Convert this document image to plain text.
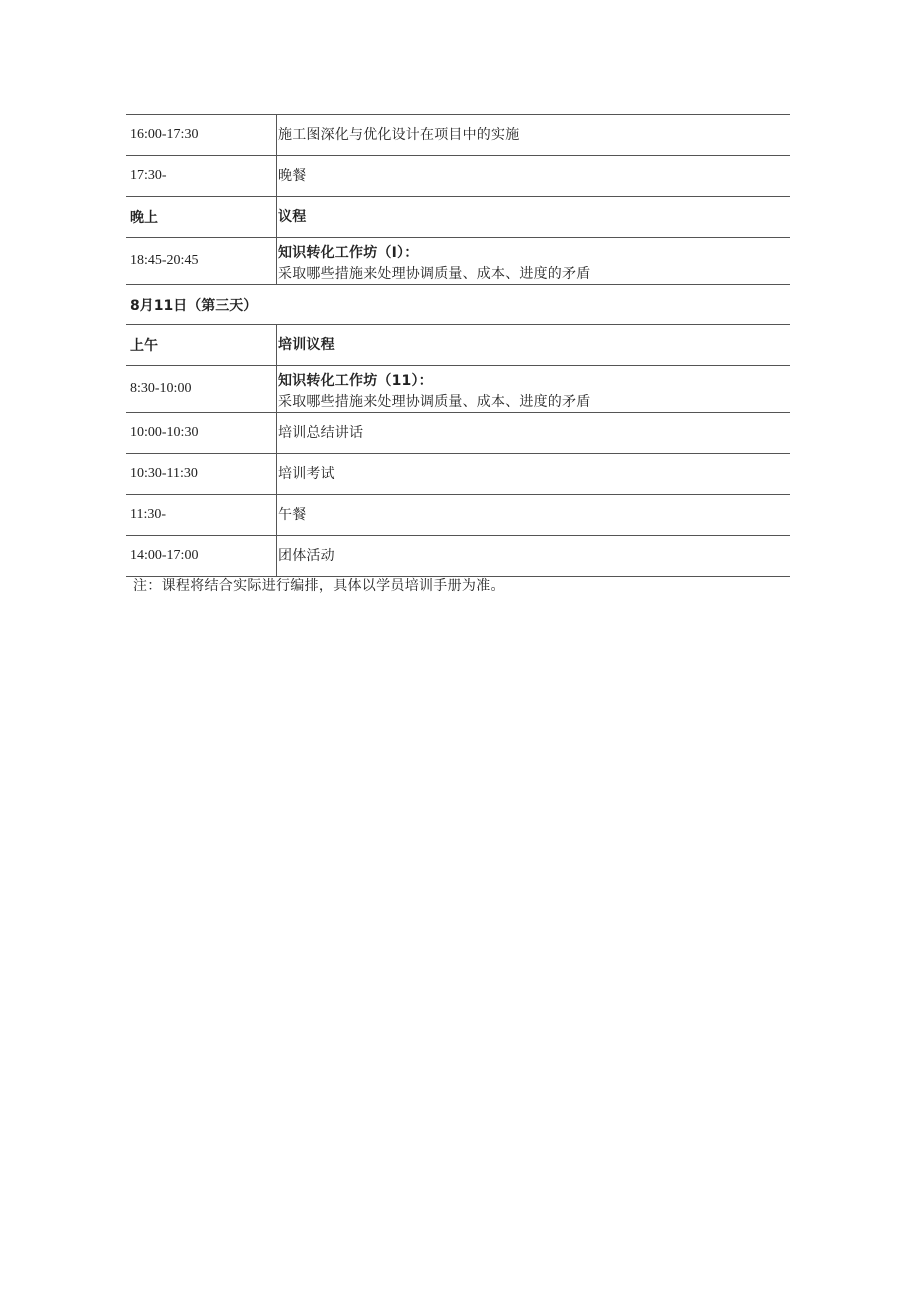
16:00-17:30	施工图深化与优化设计在项目中的实施
17:30-	晚餐
晚上	议程
18:45-20:45	知识转化工作坊（I）：
采取哪些措施来处理协调质量、成本、进度的矛盾
8月11日（第三天）
上午	培训议程
8:30-10:00	知识转化工作坊（11）：
采取哪些措施来处理协调质量、成本、进度的矛盾
10:00-10:30	培训总结讲话
10:30-11:30	培训考试
11:30-	午餐
14:00-17:00	团体活动
注：课程将结合实际进行编排，具体以学员培训手册为准。
